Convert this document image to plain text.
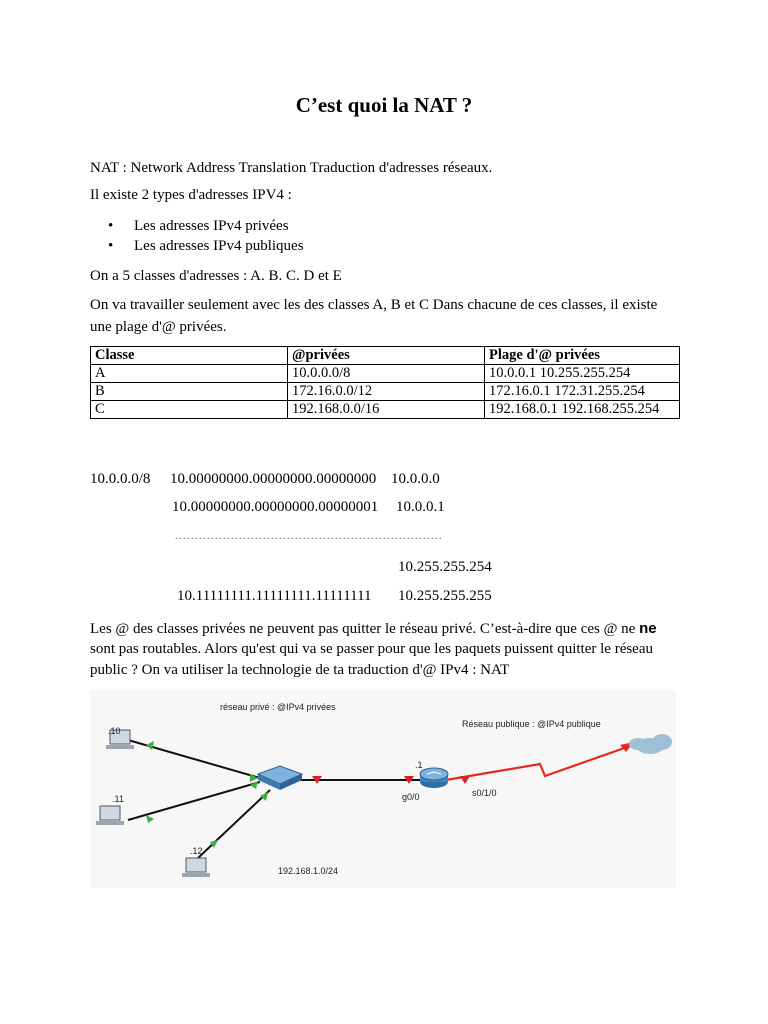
C’est quoi la NAT ?
NAT : Network Address Translation Traduction d'adresses réseaux.
Il existe 2 types d'adresses IPV4 :
• Les adresses IPv4 privées
• Les adresses IPv4 publiques
On a 5 classes d'adresses : A. B. C. D et E
On va travailler seulement avec les des classes A, B et C Dans chacune de ces classes, il existe
une plage d'@ privées.
Classe	@privées	Plage d'@ privées
A	10.0.0.0/8	10.0.0.1 10.255.255.254
B	172.16.0.0/12	172.16.0.1 172.31.255.254
C	192.168.0.0/16	192.168.0.1 192.168.255.254
10.0.0.0/8 10.00000000.00000000.00000000 10.0.0.0
10.00000000.00000000.00000001 10.0.0.1
...................................................................
10.255.255.254
10.11111111.11111111.11111111 10.255.255.255
Les @ des classes privées ne peuvent pas quitter le réseau privé. C’est-à-dire que ces @ ne ne
sont pas routables. Alors qu'est qui va se passer pour que les paquets puissent quitter le réseau
public ? On va utiliser la technologie de ta traduction d'@ IPv4 : NAT
réseau privé : @IPv4 privées
Réseau publique : @IPv4 publique
.10
.11
.12
.1
g0/0	s0/1/0
192.168.1.0/24
